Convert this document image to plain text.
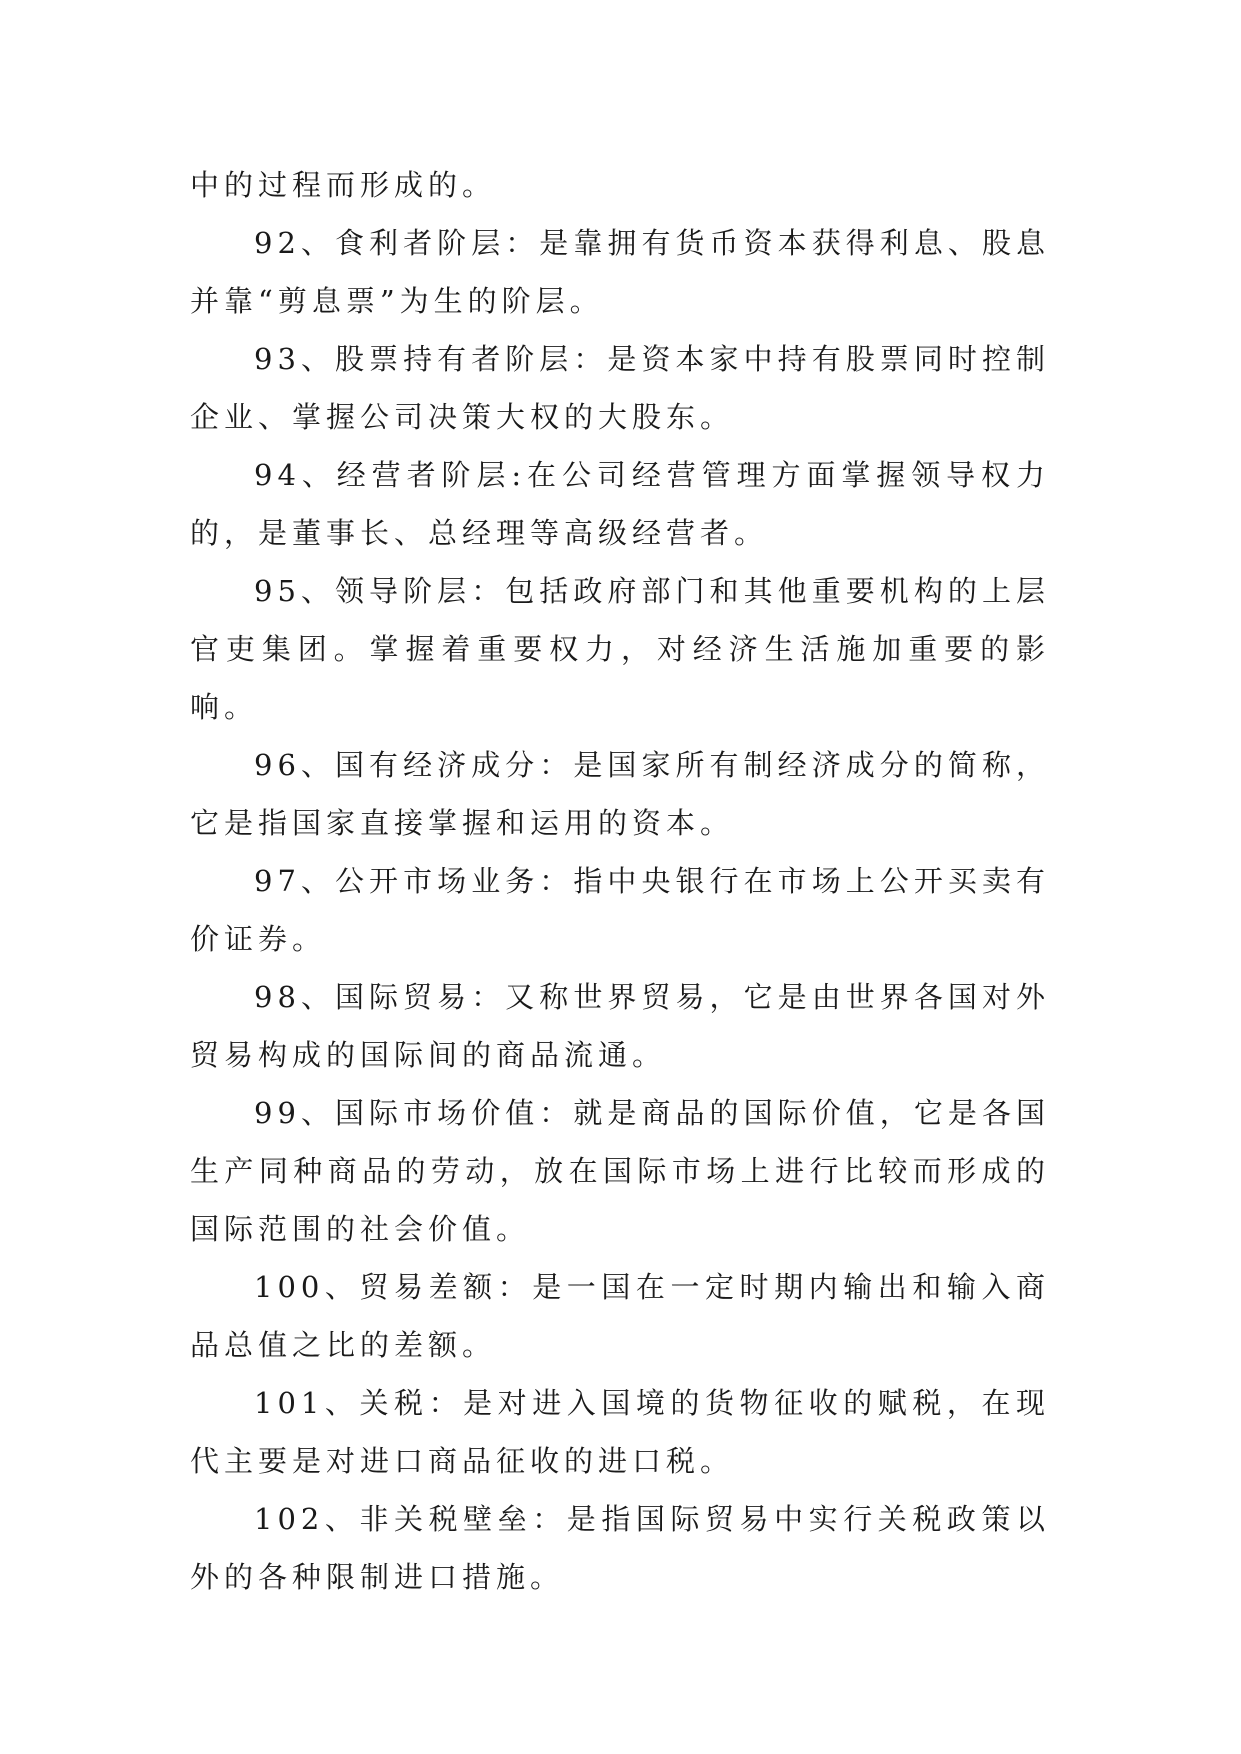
中的过程而形成的。

92、食利者阶层：是靠拥有货币资本获得利息、股息并靠“剪息票”为生的阶层。

93、股票持有者阶层：是资本家中持有股票同时控制企业、掌握公司决策大权的大股东。

94、经营者阶层:在公司经营管理方面掌握领导权力的，是董事长、总经理等高级经营者。

95、领导阶层：包括政府部门和其他重要机构的上层官吏集团。掌握着重要权力，对经济生活施加重要的影响。

96、国有经济成分：是国家所有制经济成分的简称，它是指国家直接掌握和运用的资本。

97、公开市场业务：指中央银行在市场上公开买卖有价证券。

98、国际贸易：又称世界贸易，它是由世界各国对外贸易构成的国际间的商品流通。

99、国际市场价值：就是商品的国际价值，它是各国生产同种商品的劳动，放在国际市场上进行比较而形成的国际范围的社会价值。

100、贸易差额：是一国在一定时期内输出和输入商品总值之比的差额。

101、关税：是对进入国境的货物征收的赋税，在现代主要是对进口商品征收的进口税。

102、非关税壁垒：是指国际贸易中实行关税政策以外的各种限制进口措施。
